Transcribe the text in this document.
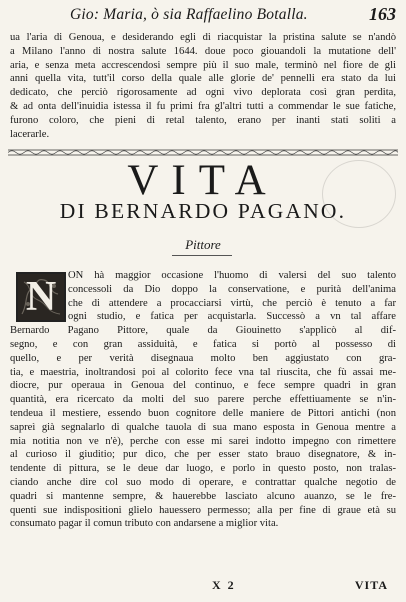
Gio: Maria, ò sia Raffaelino Botalla.	163
ua l'aria di Genoua, e desiderando egli di riacquistar la pristina salute se n'andò
a Milano l'anno di nostra salute 1644. doue poco giouandoli la mutatione dell'
aria, e senza meta accrescendosi sempre più il suo male, terminò nel fiore de gli
anni quella vita, tutt'il corso della quale alle glorie de' pennelli era stato da lui
dedicato, che perciò rigorosamente ad ogni vivo deplorata così gran perdita,
& ad onta dell'inuidia istessa il fu primi fra gl'altri tutti a commendar le sue fatiche,
furono coloro, che pieni di retal talento, erano per inanti stati soliti a
lacerarle.
VITA
DI BERNARDO PAGANO.
Pittore
N	ON hà maggior occasione l'huomo di valersi del suo talento
concessoli da Dio doppo la conservatione, e purità dell'anima
che di attendere a procacciarsi virtù, che perciò è tenuto a far
ogni studio, e fatica per acquistarla. Successò a vn tal affare
Bernardo Pagano Pittore, quale da Giouinetto s'applicò al dif-
segno, e con gran assiduità, e fatica si portò al possesso di
quello, e per verità disegnaua molto ben aggiustato con gra-
tia, e maestria, inoltrandosi poi al colorito fece vna tal riuscita, che fù assai me-
diocre, pur operaua in Genoua del continuo, e fece sempre quadri in gran
quantità, era ricercato da molti del suo parere perche effettiuamente se n'in-
tendeua il mestiere, essendo buon cognitore delle maniere de Pittori antichi (non
sapreì già segnalarlo di qualche tauola di sua mano esposta in Genoua mentre a
mia notitia non ve n'è), perche con esse mi sarei indotto impegno con rimettere
al curioso il giuditio; pur dico, che per esser stato brauo disegnatore, & in-
tendente di pittura, se le deue dar luogo, e porlo in questo posto, non tralas-
ciando anche dire col suo modo di operare, e contrattar qualche negotio de
quadri si mantenne sempre, & hauerebbe lasciato alcuno auanzo, se le fre-
quenti sue indispositioni glielo hauessero permesso; alla per fine di graue età su
consumato pagar il comun tributo con andarsene a miglior vita.
X 2	VITA
